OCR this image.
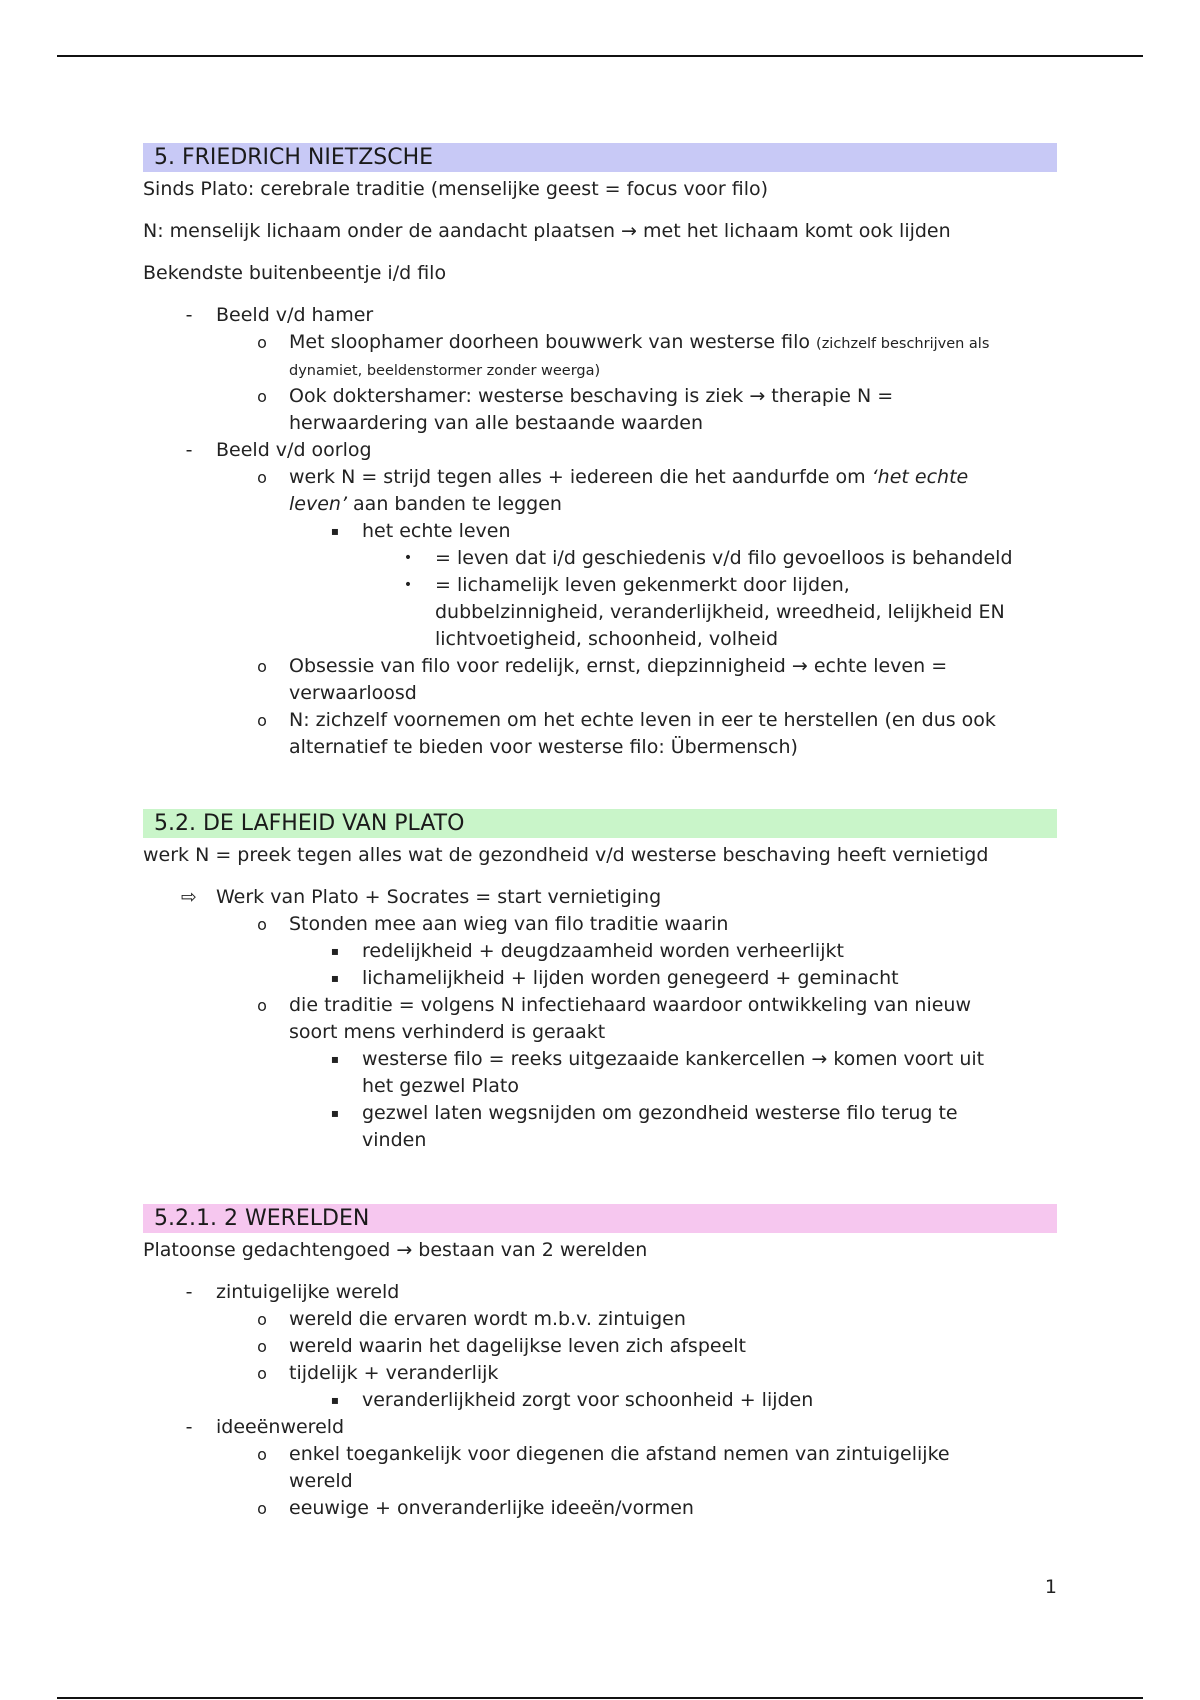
5. FRIEDRICH NIETZSCHE

Sinds Plato: cerebrale traditie (menselijke geest = focus voor filo)

N: menselijk lichaam onder de aandacht plaatsen → met het lichaam komt ook lijden

Bekendste buitenbeentje i/d filo

- Beeld v/d hamer
o Met sloophamer doorheen bouwwerk van westerse filo (zichzelf beschrijven als
dynamiet, beeldenstormer zonder weerga)
o Ook doktershamer: westerse beschaving is ziek → therapie N =
herwaardering van alle bestaande waarden
- Beeld v/d oorlog
o werk N = strijd tegen alles + iedereen die het aandurfde om ‘het echte
leven’ aan banden te leggen
▪ het echte leven
• = leven dat i/d geschiedenis v/d filo gevoelloos is behandeld
• = lichamelijk leven gekenmerkt door lijden,
dubbelzinnigheid, veranderlijkheid, wreedheid, lelijkheid EN
lichtvoetigheid, schoonheid, volheid
o Obsessie van filo voor redelijk, ernst, diepzinnigheid → echte leven =
verwaarloosd
o N: zichzelf voornemen om het echte leven in eer te herstellen (en dus ook
alternatief te bieden voor westerse filo: Übermensch)
5.2. DE LAFHEID VAN PLATO

werk N = preek tegen alles wat de gezondheid v/d westerse beschaving heeft vernietigd

⇨ Werk van Plato + Socrates = start vernietiging
o Stonden mee aan wieg van filo traditie waarin
▪ redelijkheid + deugdzaamheid worden verheerlijkt
▪ lichamelijkheid + lijden worden genegeerd + geminacht
o die traditie = volgens N infectiehaard waardoor ontwikkeling van nieuw
soort mens verhinderd is geraakt
▪ westerse filo = reeks uitgezaaide kankercellen → komen voort uit
het gezwel Plato
▪ gezwel laten wegsnijden om gezondheid westerse filo terug te
vinden
5.2.1. 2 WERELDEN

Platoonse gedachtengoed → bestaan van 2 werelden

- zintuigelijke wereld
o wereld die ervaren wordt m.b.v. zintuigen
o wereld waarin het dagelijkse leven zich afspeelt
o tijdelijk + veranderlijk
▪ veranderlijkheid zorgt voor schoonheid + lijden
- ideeënwereld
o enkel toegankelijk voor diegenen die afstand nemen van zintuigelijke
wereld
o eeuwige + onveranderlijke ideeën/vormen
1
